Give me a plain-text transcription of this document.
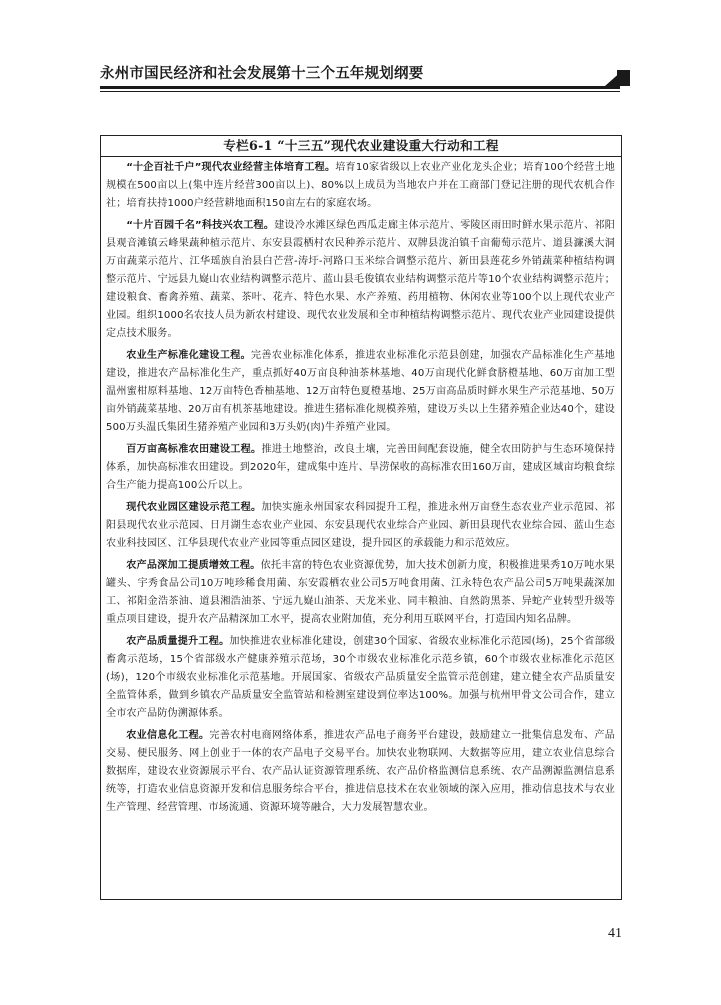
永州市国民经济和社会发展第十三个五年规划纲要
专栏6-1 “十三五”现代农业建设重大行动和工程

“十企百社千户”现代农业经营主体培育工程。培育10家省级以上农业产业化龙头企业；培育100个经营土地规模在500亩以上(集中连片经营300亩以上)、80%以上成员为当地农户并在工商部门登记注册的现代农机合作社；培育扶持1000户经营耕地面积150亩左右的家庭农场。

“十片百园千名”科技兴农工程。建设冷水滩区绿色西瓜走廊主体示范片、零陵区雨田时鲜水果示范片、祁阳县观音滩镇云峰果蔬种植示范片、东安县霞栖村农民种养示范片、双牌县泷泊镇千亩葡萄示范片、道县濂溪大洞万亩蔬菜示范片、江华瑶族自治县白芒营-涛圩-河路口玉米综合调整示范片、新田县莲花乡外销蔬菜种植结构调整示范片、宁远县九嶷山农业结构调整示范片、蓝山县毛俊镇农业结构调整示范片等10个农业结构调整示范片；建设粮食、畜禽养殖、蔬菜、茶叶、花卉、特色水果、水产养殖、药用植物、休闲农业等100个以上现代农业产业园。组织1000名农技人员为新农村建设、现代农业发展和全市种植结构调整示范片、现代农业产业园建设提供定点技术服务。

农业生产标准化建设工程。完善农业标准化体系，推进农业标准化示范县创建，加强农产品标准化生产基地建设，推进农产品标准化生产，重点抓好40万亩良种油茶林基地、40万亩现代化鲜食脐橙基地、60万亩加工型温州蜜柑原料基地、12万亩特色香柚基地、12万亩特色夏橙基地、25万亩高品质时鲜水果生产示范基地、50万亩外销蔬菜基地、20万亩有机茶基地建设。推进生猪标准化规模养殖，建设万头以上生猪养殖企业达40个，建设500万头温氏集团生猪养殖产业园和3万头奶(肉)牛养殖产业园。

百万亩高标准农田建设工程。推进土地整治，改良土壤，完善田间配套设施，健全农田防护与生态环境保持体系，加快高标准农田建设。到2020年，建成集中连片、旱涝保收的高标准农田160万亩，建成区域亩均粮食综合生产能力提高100公斤以上。

现代农业园区建设示范工程。加快实施永州国家农科园提升工程，推进永州万亩登生态农业产业示范园、祁阳县现代农业示范园、日月湖生态农业产业园、东安县现代农业综合产业园、新田县现代农业综合园、蓝山生态农业科技园区、江华县现代农业产业园等重点园区建设，提升园区的承载能力和示范效应。

农产品深加工提质增效工程。依托丰富的特色农业资源优势，加大技术创新力度，积极推进果秀10万吨水果罐头、宇秀食品公司10万吨珍稀食用菌、东安霞栖农业公司5万吨食用菌、江永特色农产品公司5万吨果蔬深加工、祁阳金浩茶油、道县湘浩油茶、宁远九嶷山油茶、天龙米业、同丰粮油、自然韵黑茶、异蛇产业转型升级等重点项目建设，提升农产品精深加工水平，提高农业附加值，充分利用互联网平台，打造国内知名品牌。

农产品质量提升工程。加快推进农业标准化建设，创建30个国家、省级农业标准化示范园(场)，25个省部级畜禽示范场，15个省部级水产健康养殖示范场，30个市级农业标准化示范乡镇，60个市级农业标准化示范区(场)，120个市级农业标准化示范基地。开展国家、省级农产品质量安全监管示范创建，建立健全农产品质量安全监管体系，做到乡镇农产品质量安全监管站和检测室建设到位率达100%。加强与杭州甲骨文公司合作，建立全市农产品防伪溯源体系。

农业信息化工程。完善农村电商网络体系，推进农产品电子商务平台建设，鼓励建立一批集信息发布、产品交易、便民服务、网上创业于一体的农产品电子交易平台。加快农业物联网、大数据等应用，建立农业信息综合数据库，建设农业资源展示平台、农产品认证资源管理系统、农产品价格监测信息系统、农产品溯源监测信息系统等，打造农业信息资源开发和信息服务综合平台，推进信息技术在农业领域的深入应用，推动信息技术与农业生产管理、经营管理、市场流通、资源环境等融合，大力发展智慧农业。

41
